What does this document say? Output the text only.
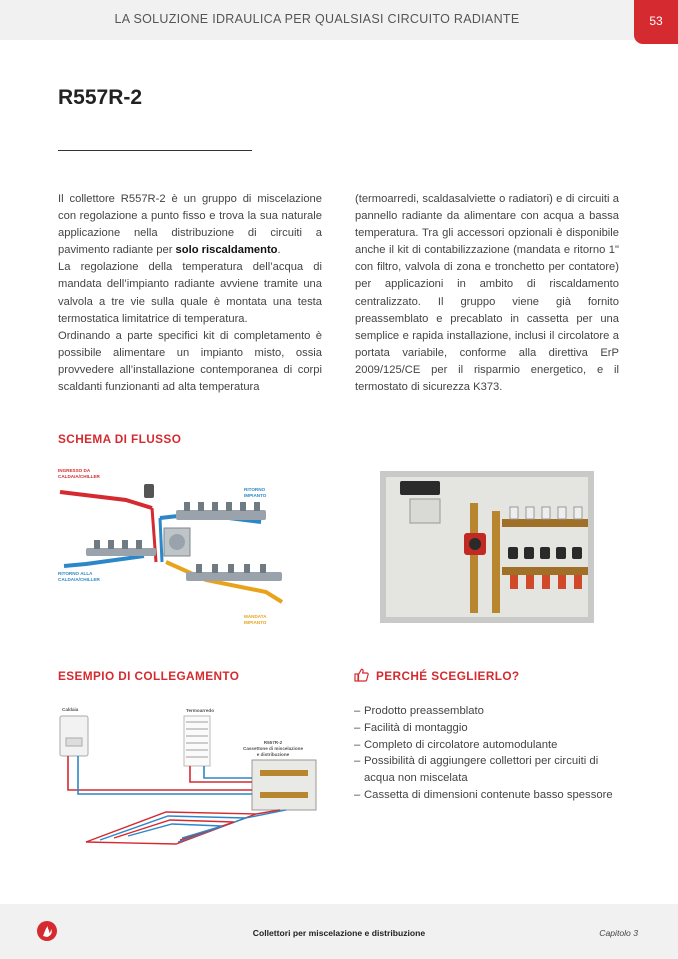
LA SOLUZIONE IDRAULICA PER QUALSIASI CIRCUITO RADIANTE	53
R557R-2

Il collettore R557R-2 è un gruppo di miscelazione con regolazione a punto fisso e trova la sua naturale applicazione nella distribuzione di circuiti a pavimento radiante per solo riscaldamento.

La regolazione della temperatura dell’acqua di mandata dell’impianto radiante avviene tramite una valvola a tre vie sulla quale è montata una testa termostatica limitatrice di temperatura.

Ordinando a parte specifici kit di completamento è possibile alimentare un impianto misto, ossia provvedere all’installazione contemporanea di corpi scaldanti funzionanti ad alta temperatura

(termoarredi, scaldasalviette o radiatori) e di circuiti a pannello radiante da alimentare con acqua a bassa temperatura. Tra gli accessori opzionali è disponibile anche il kit di contabilizzazione (mandata e ritorno 1" con filtro, valvola di zona e tronchetto per contatore) per applicazioni in ambito di riscaldamento centralizzato. Il gruppo viene già fornito preassemblato e precablato in cassetta per una semplice e rapida installazione, inclusi il circolatore a portata variabile, conforme alla direttiva ErP 2009/125/CE per il risparmio energetico, e il termostato di sicurezza K373.

SCHEMA DI FLUSSO
INGRESSO DA
CALDAIA/CHILLER
RITORNO
IMPIANTO
RITORNO ALLA
CALDAIA/CHILLER
MANDATA
IMPIANTO
ESEMPIO DI COLLEGAMENTO
Caldaia	Termoarredo
R557R-2
Cassettone di miscelazione
e distribuzione
PERCHÉ SCEGLIERLO?
– Prodotto preassemblato
– Facilità di montaggio
– Completo di circolatore automodulante
– Possibilità di aggiungere collettori per circuiti di acqua non miscelata
– Cassetta di dimensioni contenute basso spessore
Collettori per miscelazione e distribuzione	Capitolo 3
